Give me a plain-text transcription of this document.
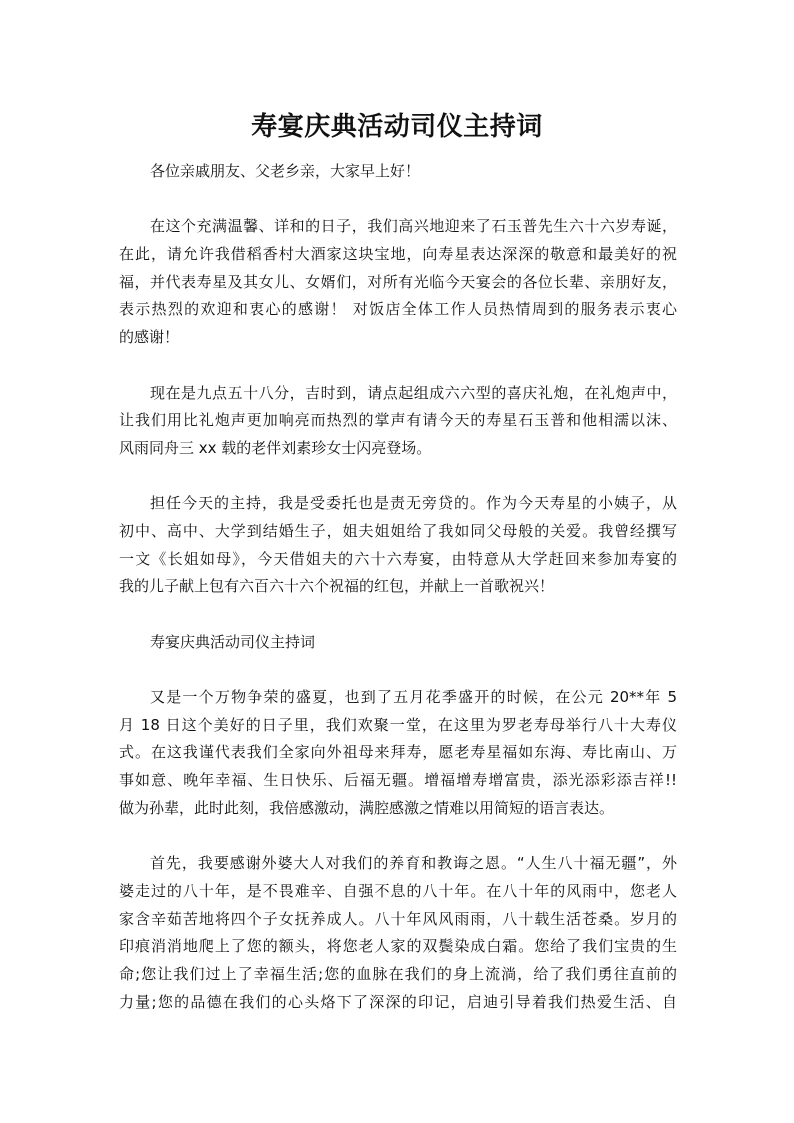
寿宴庆典活动司仪主持词
各位亲戚朋友、父老乡亲，大家早上好！
在这个充满温馨、详和的日子，我们高兴地迎来了石玉普先生六十六岁寿诞，
在此，请允许我借稻香村大酒家这块宝地，向寿星表达深深的敬意和最美好的祝
福，并代表寿星及其女儿、女婿们，对所有光临今天宴会的各位长辈、亲朋好友，
表示热烈的欢迎和衷心的感谢！ 对饭店全体工作人员热情周到的服务表示衷心
的感谢！
现在是九点五十八分，吉时到，请点起组成六六型的喜庆礼炮，在礼炮声中，
让我们用比礼炮声更加响亮而热烈的掌声有请今天的寿星石玉普和他相濡以沫、
风雨同舟三 xx 载的老伴刘素珍女士闪亮登场。
担任今天的主持，我是受委托也是责无旁贷的。作为今天寿星的小姨子，从
初中、高中、大学到结婚生子，姐夫姐姐给了我如同父母般的关爱。我曾经撰写
一文《长姐如母》，今天借姐夫的六十六寿宴，由特意从大学赶回来参加寿宴的
我的儿子献上包有六百六十六个祝福的红包，并献上一首歌祝兴！
寿宴庆典活动司仪主持词
又是一个万物争荣的盛夏，也到了五月花季盛开的时候，在公元 20**年 5
月 18 日这个美好的日子里，我们欢聚一堂，在这里为罗老寿母举行八十大寿仪
式。在这我谨代表我们全家向外祖母来拜寿，愿老寿星福如东海、寿比南山、万
事如意、晚年幸福、生日快乐、后福无疆。增福增寿增富贵，添光添彩添吉祥!!
做为孙辈，此时此刻，我倍感激动，满腔感激之情难以用简短的语言表达。
首先，我要感谢外婆大人对我们的养育和教诲之恩。“人生八十福无疆”，外
婆走过的八十年，是不畏难辛、自强不息的八十年。在八十年的风雨中，您老人
家含辛茹苦地将四个子女抚养成人。八十年风风雨雨，八十载生活苍桑。岁月的
印痕消消地爬上了您的额头，将您老人家的双鬓染成白霜。您给了我们宝贵的生
命;您让我们过上了幸福生活;您的血脉在我们的身上流淌，给了我们勇往直前的
力量;您的品德在我们的心头烙下了深深的印记，启迪引导着我们热爱生活、自
